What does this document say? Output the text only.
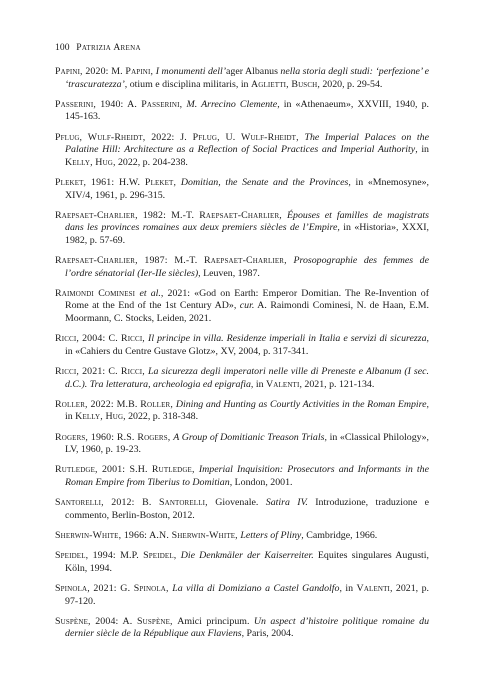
100 Patrizia Arena
Papini, 2020: M. Papini, I monumenti dell’ager Albanus nella storia degli studi: ‘perfezione’ e ‘trascuratezza’, otium e disciplina militaris, in Aglietti, Busch, 2020, p. 29-54.
Passerini, 1940: A. Passerini, M. Arrecino Clemente, in «Athenaeum», XXVIII, 1940, p. 145-163.
Pflug, Wulf-Rheidt, 2022: J. Pflug, U. Wulf-Rheidt, The Imperial Palaces on the Palatine Hill: Architecture as a Reflection of Social Practices and Imperial Authority, in Kelly, Hug, 2022, p. 204-238.
Pleket, 1961: H.W. Pleket, Domitian, the Senate and the Provinces, in «Mnemosyne», XIV/4, 1961, p. 296-315.
Raepsaet-Charlier, 1982: M.-T. Raepsaet-Charlier, Épouses et familles de magistrats dans les provinces romaines aux deux premiers siècles de l’Empire, in «Historia», XXXI, 1982, p. 57-69.
Raepsaet-Charlier, 1987: M.-T. Raepsaet-Charlier, Prosopographie des femmes de l’ordre sénatorial (Ier-IIe siècles), Leuven, 1987.
Raimondi Cominesi et al., 2021: «God on Earth: Emperor Domitian. The Re-Invention of Rome at the End of the 1st Century AD», cur. A. Raimondi Cominesi, N. de Haan, E.M. Moormann, C. Stocks, Leiden, 2021.
Ricci, 2004: C. Ricci, Il principe in villa. Residenze imperiali in Italia e servizi di sicurezza, in «Cahiers du Centre Gustave Glotz», XV, 2004, p. 317-341.
Ricci, 2021: C. Ricci, La sicurezza degli imperatori nelle ville di Preneste e Albanum (I sec. d.C.). Tra letteratura, archeologia ed epigrafia, in Valenti, 2021, p. 121-134.
Roller, 2022: M.B. Roller, Dining and Hunting as Courtly Activities in the Roman Empire, in Kelly, Hug, 2022, p. 318-348.
Rogers, 1960: R.S. Rogers, A Group of Domitianic Treason Trials, in «Classical Philology», LV, 1960, p. 19-23.
Rutledge, 2001: S.H. Rutledge, Imperial Inquisition: Prosecutors and Informants in the Roman Empire from Tiberius to Domitian, London, 2001.
Santorelli, 2012: B. Santorelli, Giovenale. Satira IV. Introduzione, traduzione e commento, Berlin-Boston, 2012.
Sherwin-White, 1966: A.N. Sherwin-White, Letters of Pliny, Cambridge, 1966.
Speidel, 1994: M.P. Speidel, Die Denkmäler der Kaiserreiter. Equites singulares Augusti, Köln, 1994.
Spinola, 2021: G. Spinola, La villa di Domiziano a Castel Gandolfo, in Valenti, 2021, p. 97-120.
Suspène, 2004: A. Suspène, Amici principum. Un aspect d’histoire politique romaine du dernier siècle de la République aux Flaviens, Paris, 2004.
